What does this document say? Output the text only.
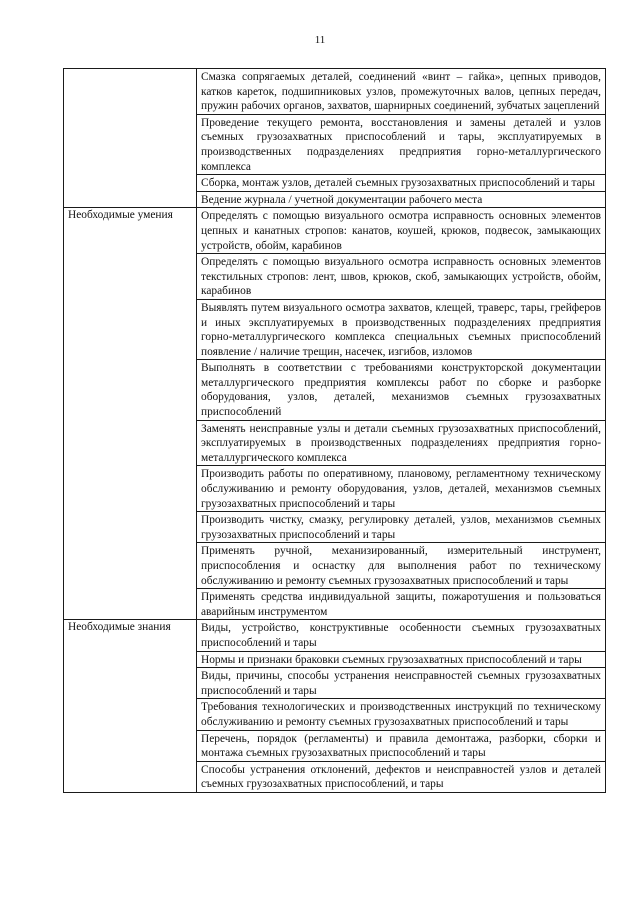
11
	Смазка сопрягаемых деталей, соединений «винт – гайка», цепных приводов, катков кареток, подшипниковых узлов, промежуточных валов, цепных передач, пружин рабочих органов, захватов, шарнирных соединений, зубчатых зацеплений
	Проведение текущего ремонта, восстановления и замены деталей и узлов съемных грузозахватных приспособлений и тары, эксплуатируемых в производственных подразделениях предприятия горно-металлургического комплекса
	Сборка, монтаж узлов, деталей съемных грузозахватных приспособлений и тары
	Ведение журнала / учетной документации рабочего места
Необходимые умения	Определять с помощью визуального осмотра исправность основных элементов цепных и канатных стропов: канатов, коушей, крюков, подвесок, замыкающих устройств, обойм, карабинов
	Определять с помощью визуального осмотра исправность основных элементов текстильных стропов: лент, швов, крюков, скоб, замыкающих устройств, обойм, карабинов
	Выявлять путем визуального осмотра захватов, клещей, траверс, тары, грейферов и иных эксплуатируемых в производственных подразделениях предприятия горно-металлургического комплекса специальных съемных приспособлений появление / наличие трещин, насечек, изгибов, изломов
	Выполнять в соответствии с требованиями конструкторской документации металлургического предприятия комплексы работ по сборке и разборке оборудования, узлов, деталей, механизмов съемных грузозахватных приспособлений
	Заменять неисправные узлы и детали съемных грузозахватных приспособлений, эксплуатируемых в производственных подразделениях предприятия горно-металлургического комплекса
	Производить работы по оперативному, плановому, регламентному техническому обслуживанию и ремонту оборудования, узлов, деталей, механизмов съемных грузозахватных приспособлений и тары
	Производить чистку, смазку, регулировку деталей, узлов, механизмов съемных грузозахватных приспособлений и тары
	Применять ручной, механизированный, измерительный инструмент, приспособления и оснастку для выполнения работ по техническому обслуживанию и ремонту съемных грузозахватных приспособлений и тары
	Применять средства индивидуальной защиты, пожаротушения и пользоваться аварийным инструментом
Необходимые знания	Виды, устройство, конструктивные особенности съемных грузозахватных приспособлений и тары
	Нормы и признаки браковки съемных грузозахватных приспособлений и тары
	Виды, причины, способы устранения неисправностей съемных грузозахватных приспособлений и тары
	Требования технологических и производственных инструкций по техническому обслуживанию и ремонту съемных грузозахватных приспособлений и тары
	Перечень, порядок (регламенты) и правила демонтажа, разборки, сборки и монтажа съемных грузозахватных приспособлений и тары
	Способы устранения отклонений, дефектов и неисправностей узлов и деталей съемных грузозахватных приспособлений, и тары
